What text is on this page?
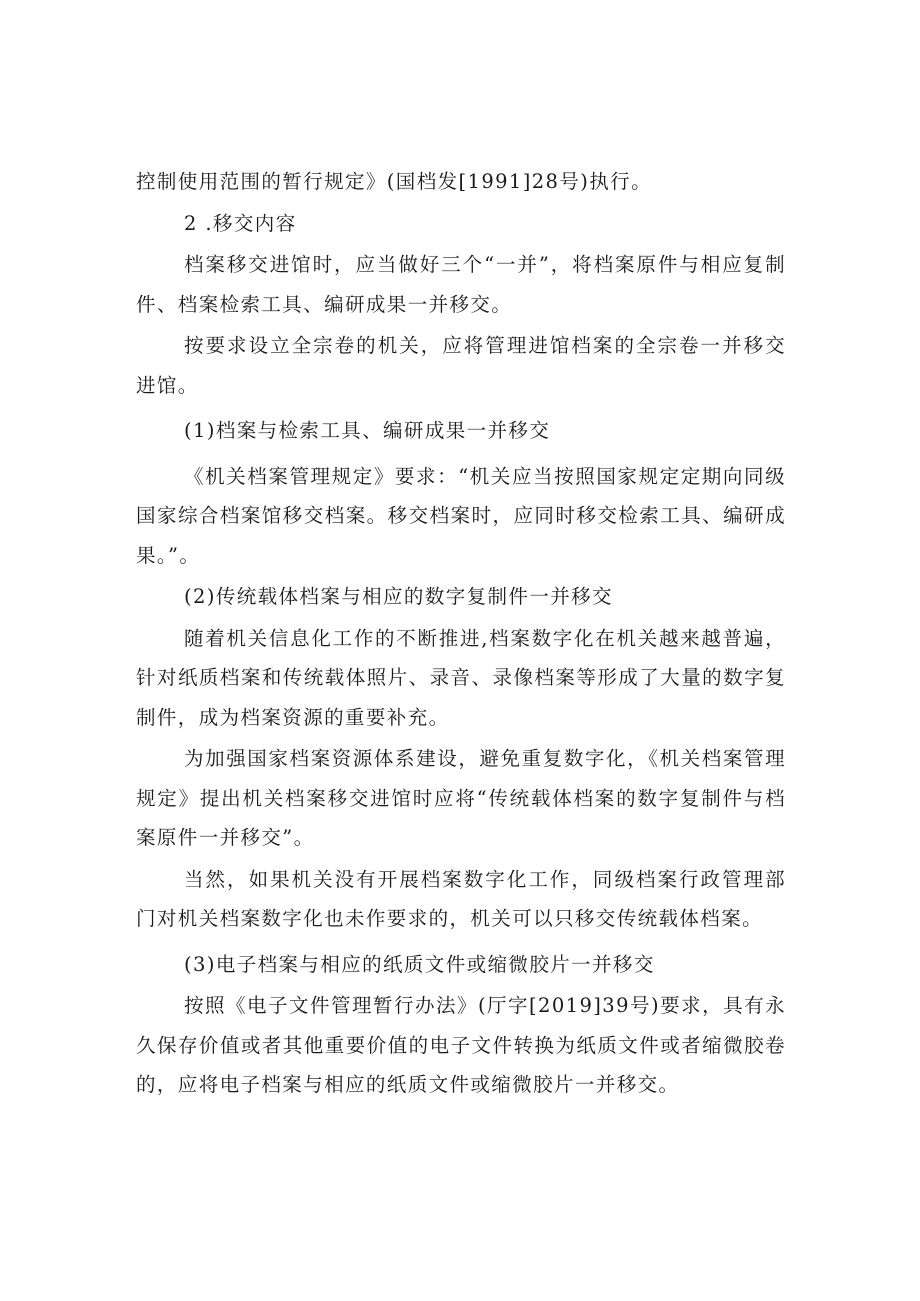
控制使用范围的暂行规定》(国档发[1991]28号)执行。

2 .移交内容

档案移交进馆时，应当做好三个“一并”，将档案原件与相应复制件、档案检索工具、编研成果一并移交。

按要求设立全宗卷的机关，应将管理进馆档案的全宗卷一并移交进馆。

(1)档案与检索工具、编研成果一并移交

《机关档案管理规定》要求：“机关应当按照国家规定定期向同级国家综合档案馆移交档案。移交档案时，应同时移交检索工具、编研成果。”。

(2)传统载体档案与相应的数字复制件一并移交

随着机关信息化工作的不断推进,档案数字化在机关越来越普遍，针对纸质档案和传统载体照片、录音、录像档案等形成了大量的数字复制件，成为档案资源的重要补充。

为加强国家档案资源体系建设，避免重复数字化，《机关档案管理规定》提出机关档案移交进馆时应将“传统载体档案的数字复制件与档案原件一并移交”。

当然，如果机关没有开展档案数字化工作，同级档案行政管理部门对机关档案数字化也未作要求的，机关可以只移交传统载体档案。

(3)电子档案与相应的纸质文件或缩微胶片一并移交

按照《电子文件管理暂行办法》(厅字[2019]39号)要求，具有永久保存价值或者其他重要价值的电子文件转换为纸质文件或者缩微胶卷的，应将电子档案与相应的纸质文件或缩微胶片一并移交。
